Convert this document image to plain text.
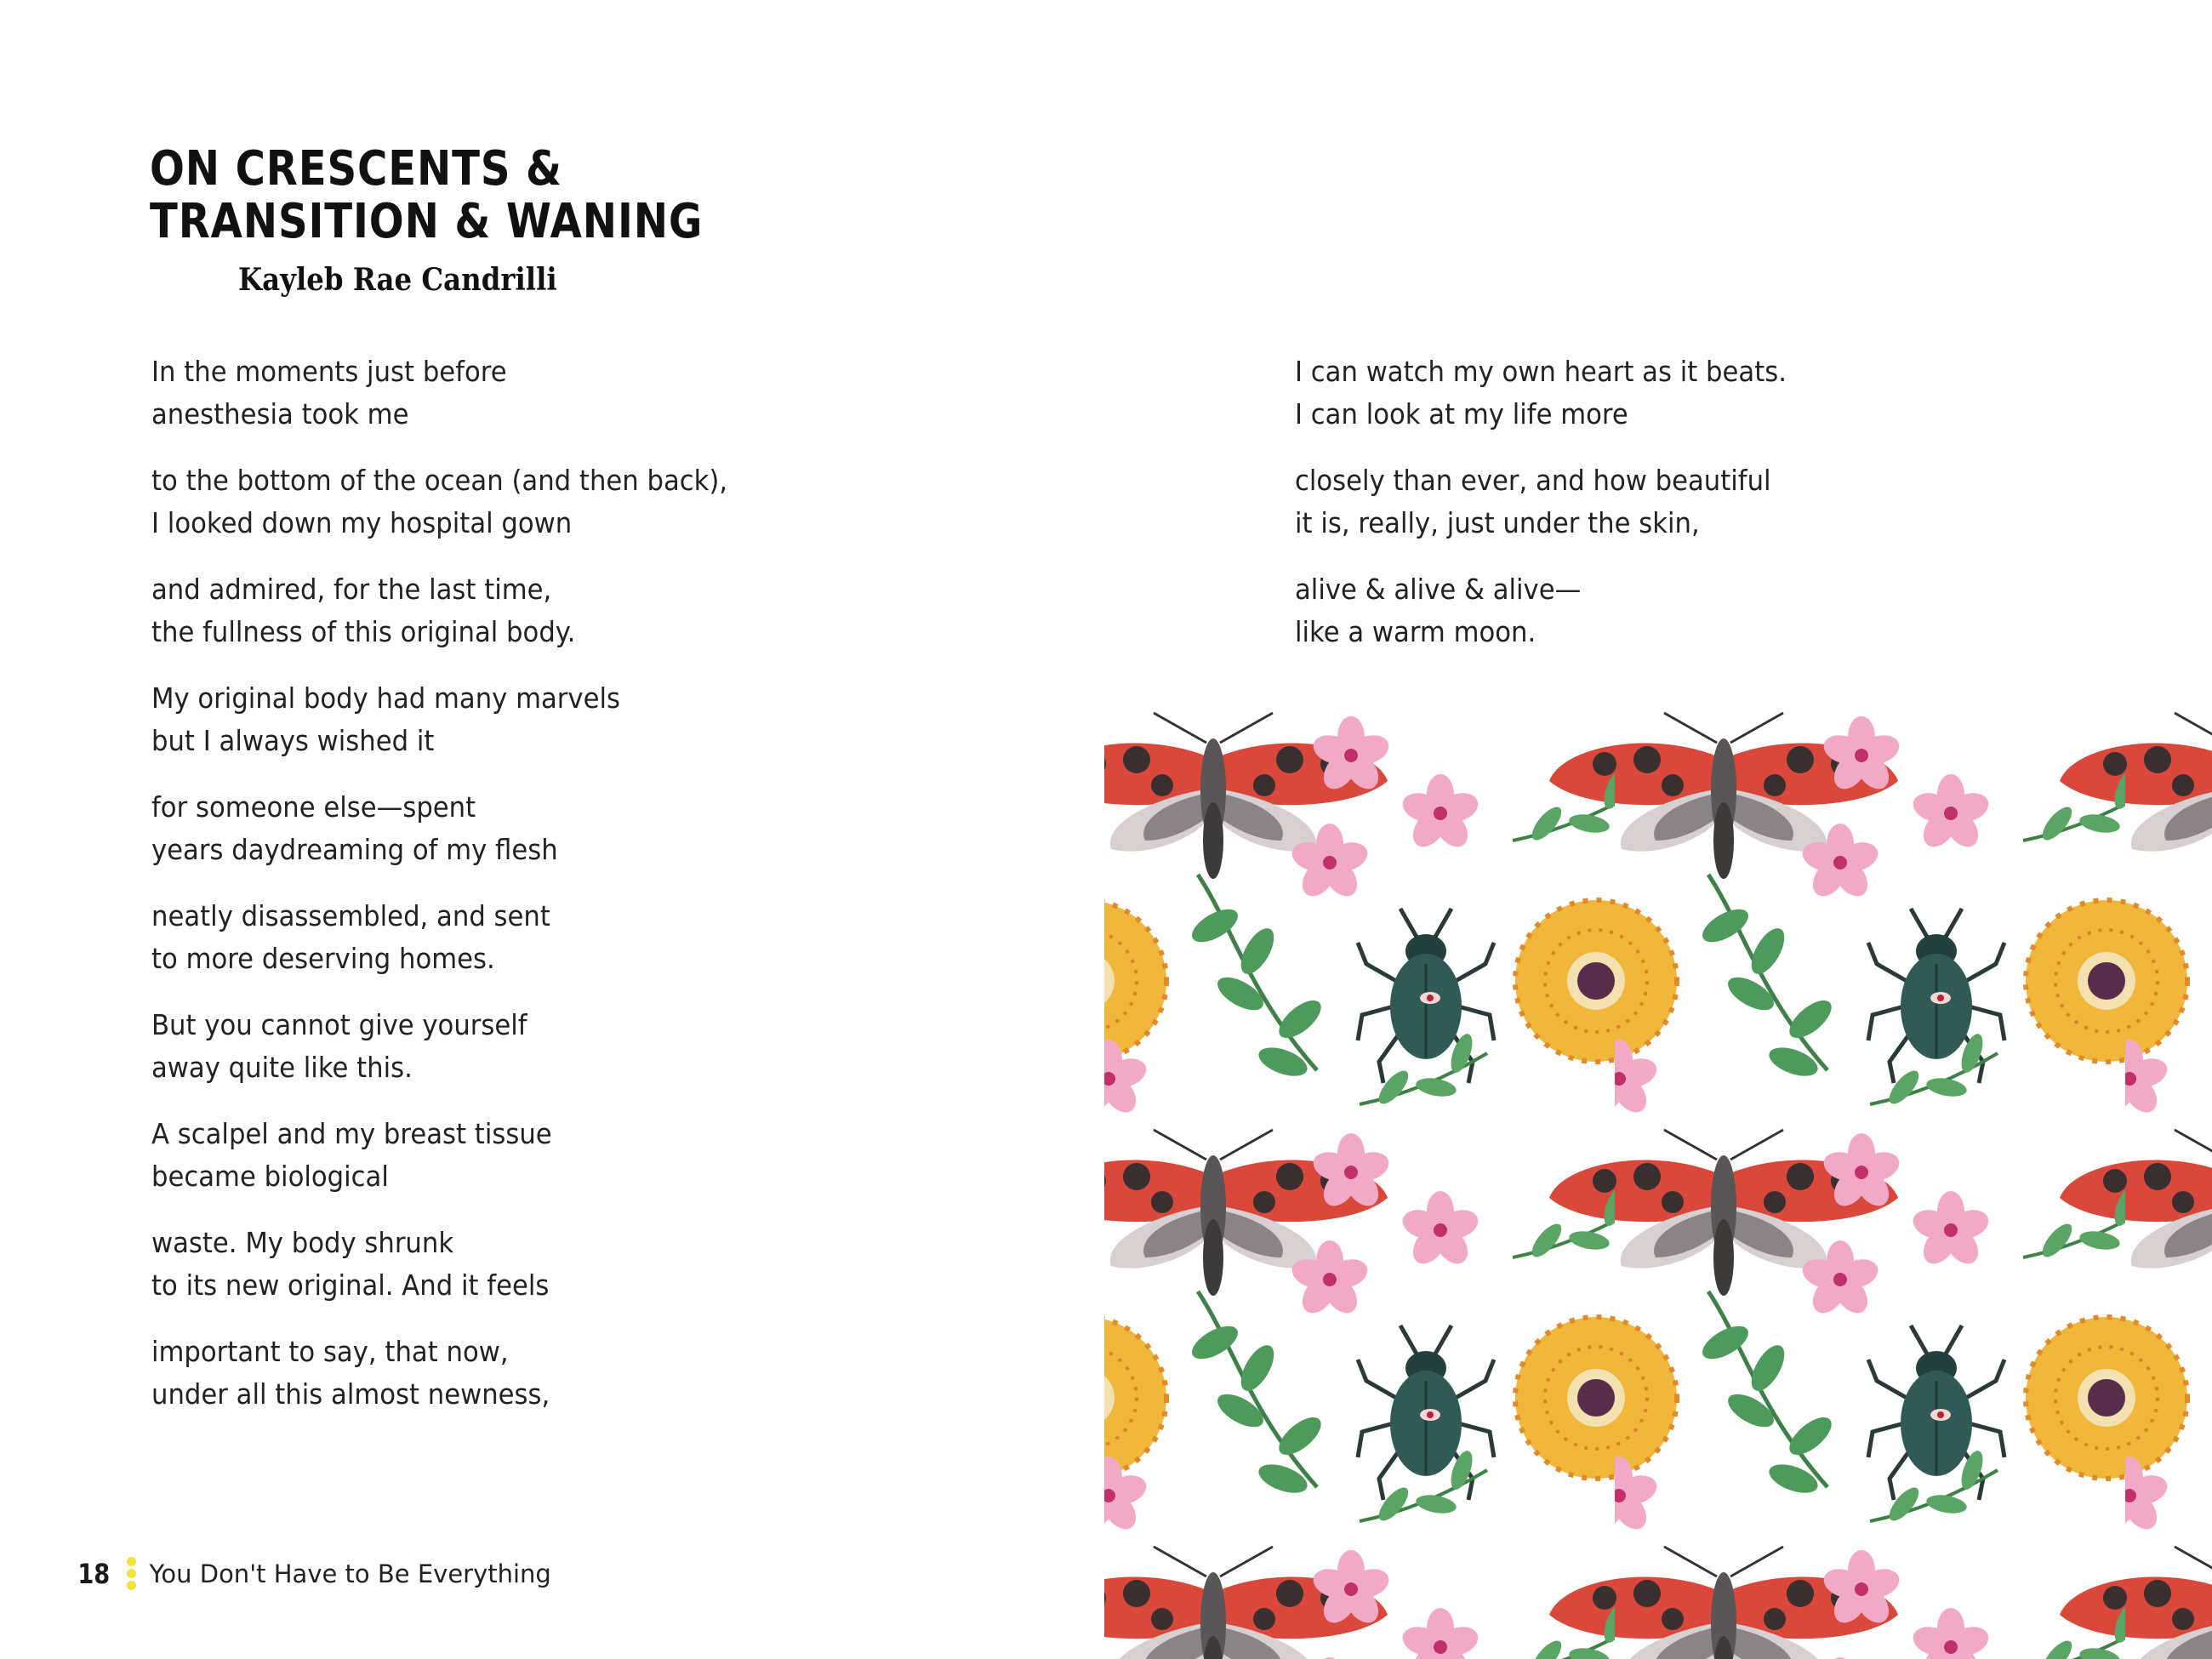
ON CRESCENTS &
TRANSITION & WANING
Kayleb Rae Candrilli

In the moments just before
anesthesia took me

to the bottom of the ocean (and then back),
I looked down my hospital gown

and admired, for the last time,
the fullness of this original body.

My original body had many marvels
but I always wished it

for someone else—spent
years daydreaming of my flesh

neatly disassembled, and sent
to more deserving homes.

But you cannot give yourself
away quite like this.

A scalpel and my breast tissue
became biological

waste. My body shrunk
to its new original. And it feels

important to say, that now,
under all this almost newness,

I can watch my own heart as it beats.
I can look at my life more

closely than ever, and how beautiful
it is, really, just under the skin,

alive & alive & alive—
like a warm moon.

18 You Don't Have to Be Everything
